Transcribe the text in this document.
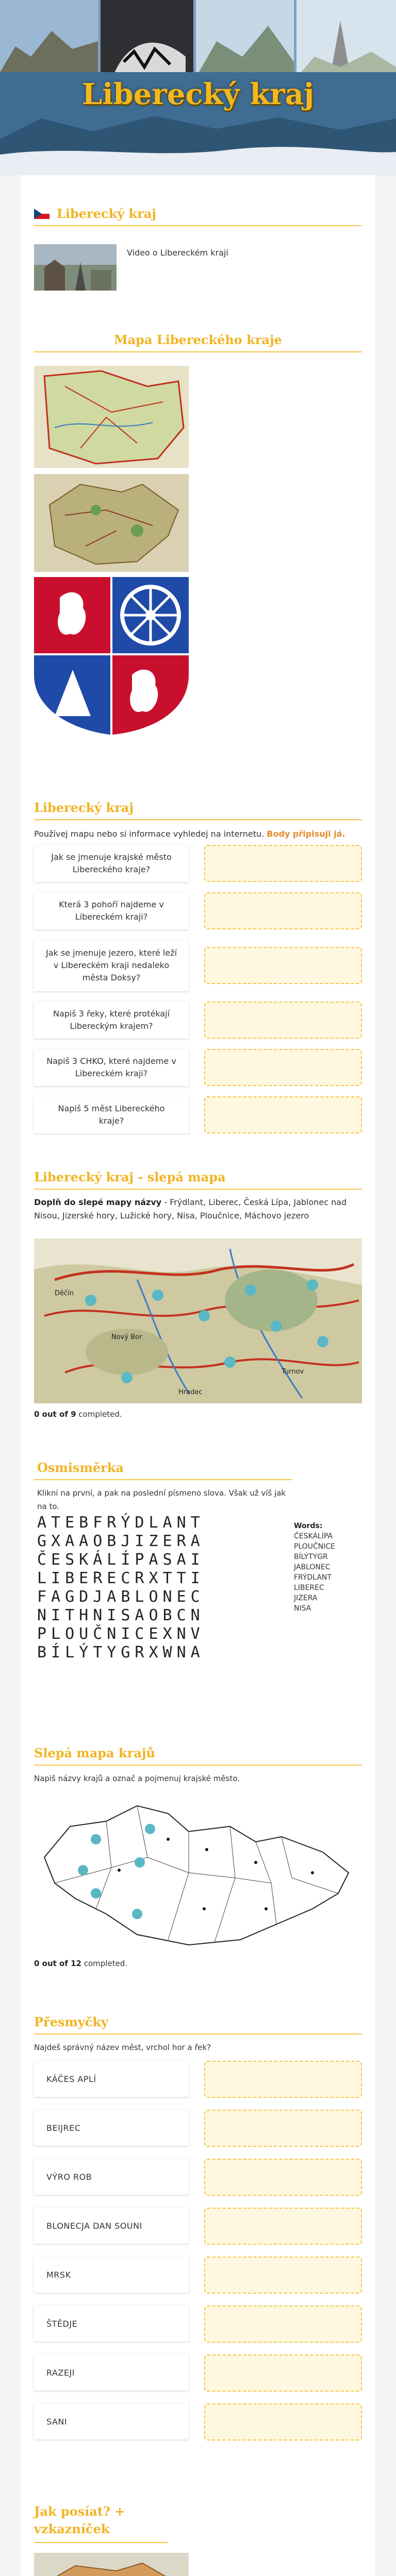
Liberecký kraj
Liberecký kraj
Video o Libereckém kraji
Mapa Libereckého kraje
Liberecký kraj
Používej mapu nebo si informace vyhledej na internetu. Body připisuji já.
Jak se jmenuje krajské město Libereckého kraje?
Která 3 pohoří najdeme v Libereckém kraji?
Jak se jmenuje jezero, které leží v Libereckém kraji nedaleko města Doksy?
Napiš 3 řeky, které protékají Libereckým krajem?
Napiš 3 CHKO, které najdeme v Libereckém kraji?
Napiš 5 měst Libereckého kraje?
Liberecký kraj - slepá mapa
Doplň do slepé mapy názvy - Frýdlant, Liberec, Česká Lípa, Jablonec nad Nisou, Jizerské hory, Lužické hory, Nisa, Ploučnice, Máchovo jezero
Děčín
Nový Bor
Turnov
Hradec
0 out of 9 completed.
Osmisměrka
Klikni na první, a pak na poslední písmeno slova. Však už víš jak na to.
ATEBFRÝDLANT
GXAAOBJIZERA
ČESKÁLÍPASAI
LIBERECRXTTI
FAGDJABLONEC
NITHNISAOBCN
PLOUČNICEXNV
BÍLÝTYGRXWNA
Words:
ČESKÁLÍPA
PLOUČNICE
BÍLÝTYGR
JABLONEC
FRÝDLANT
LIBEREC
JIZERA
NISA
Slepá mapa krajů
Napiš názvy krajů a označ a pojmenuj krajské město.
0 out of 12 completed.
Přesmyčky
Najdeš správný název měst, vrchol hor a řek?
KÁČES APLÍ
BEIJREC
VÝRO ROB
BLONECJA DAN SOUNI
MRSK
ŠTĚDJE
RAZEJI
SANI
Jak posíat? + vzkazníček
